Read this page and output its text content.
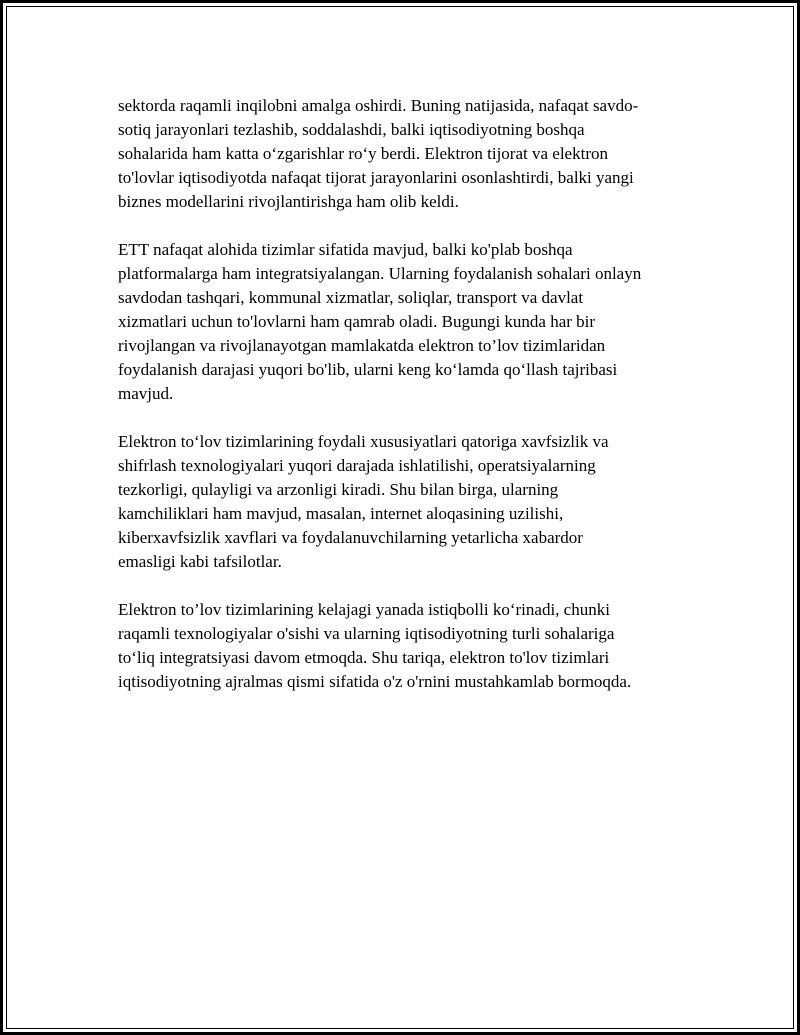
sektorda raqamli inqilobni amalga oshirdi. Buning natijasida, nafaqat savdo-
sotiq jarayonlari tezlashib, soddalashdi, balki iqtisodiyotning boshqa
sohalarida ham katta o‘zgarishlar ro‘y berdi. Elektron tijorat va elektron
to'lovlar iqtisodiyotda nafaqat tijorat jarayonlarini osonlashtirdi, balki yangi
biznes modellarini rivojlantirishga ham olib keldi.

ETT nafaqat alohida tizimlar sifatida mavjud, balki ko'plab boshqa
platformalarga ham integratsiyalangan. Ularning foydalanish sohalari onlayn
savdodan tashqari, kommunal xizmatlar, soliqlar, transport va davlat
xizmatlari uchun to'lovlarni ham qamrab oladi. Bugungi kunda har bir
rivojlangan va rivojlanayotgan mamlakatda elektron to’lov tizimlaridan
foydalanish darajasi yuqori bo'lib, ularni keng ko‘lamda qo‘llash tajribasi
mavjud.

Elektron to‘lov tizimlarining foydali xususiyatlari qatoriga xavfsizlik va
shifrlash texnologiyalari yuqori darajada ishlatilishi, operatsiyalarning
tezkorligi, qulayligi va arzonligi kiradi. Shu bilan birga, ularning
kamchiliklari ham mavjud, masalan, internet aloqasining uzilishi,
kiberxavfsizlik xavflari va foydalanuvchilarning yetarlicha xabardor
emasligi kabi tafsilotlar.

Elektron to’lov tizimlarining kelajagi yanada istiqbolli ko‘rinadi, chunki
raqamli texnologiyalar o'sishi va ularning iqtisodiyotning turli sohalariga
to‘liq integratsiyasi davom etmoqda. Shu tariqa, elektron to'lov tizimlari
iqtisodiyotning ajralmas qismi sifatida o'z o'rnini mustahkamlab bormoqda.
